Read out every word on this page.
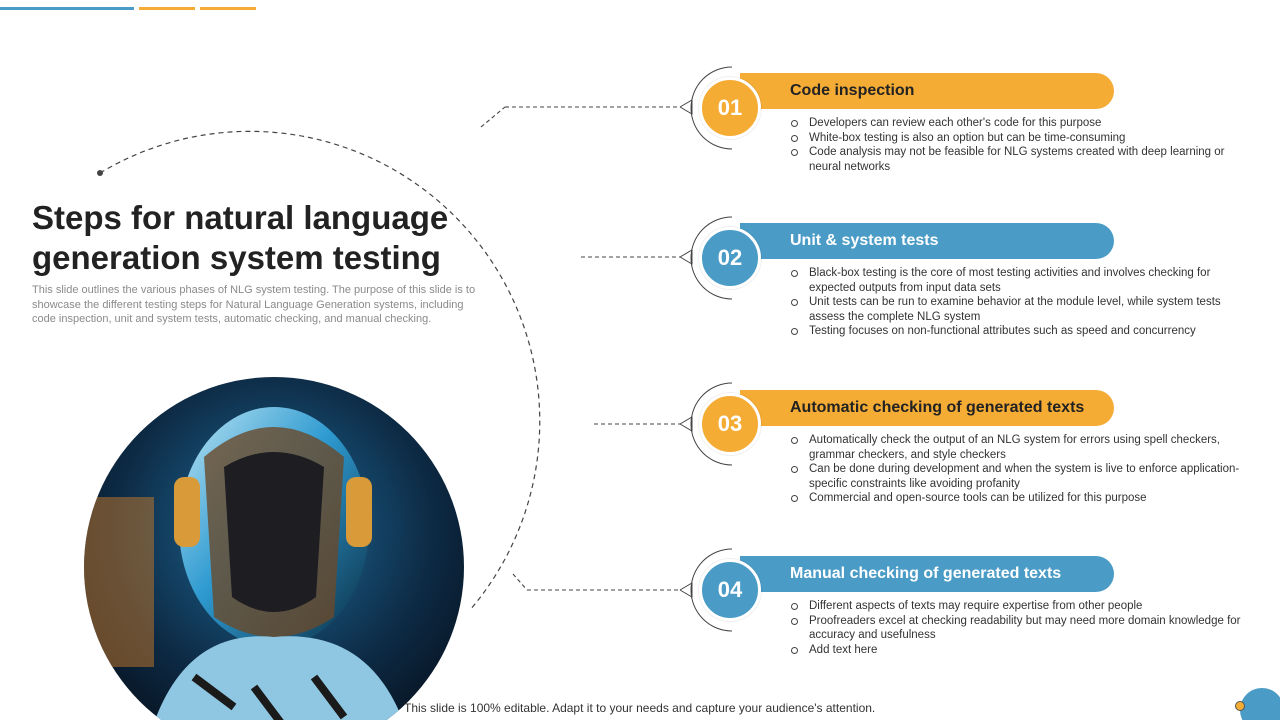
Steps for natural language generation system testing

This slide outlines the various phases of NLG system testing. The purpose of this slide is to showcase the different testing steps for Natural Language Generation systems, including code inspection, unit and system tests, automatic checking, and manual checking.

Code inspection
01
Developers can review each other's code for this purpose
White-box testing is also an option but can be time-consuming
Code analysis may not be feasible for NLG systems created with deep learning or neural networks
Unit & system tests
02
Black-box testing is the core of most testing activities and involves checking for expected outputs from input data sets
Unit tests can be run to examine behavior at the module level, while system tests assess the complete NLG system
Testing focuses on non-functional attributes such as speed and concurrency
Automatic checking of generated texts
03
Automatically check the output of an NLG system for errors using spell checkers, grammar checkers, and style checkers
Can be done during development and when the system is live to enforce application-specific constraints like avoiding profanity
Commercial and open-source tools can be utilized for this purpose
Manual checking of generated texts
04
Different aspects of texts may require expertise from other people
Proofreaders excel at checking readability but may need more domain knowledge for accuracy and usefulness
Add text here
This slide is 100% editable. Adapt it to your needs and capture your audience's attention.
